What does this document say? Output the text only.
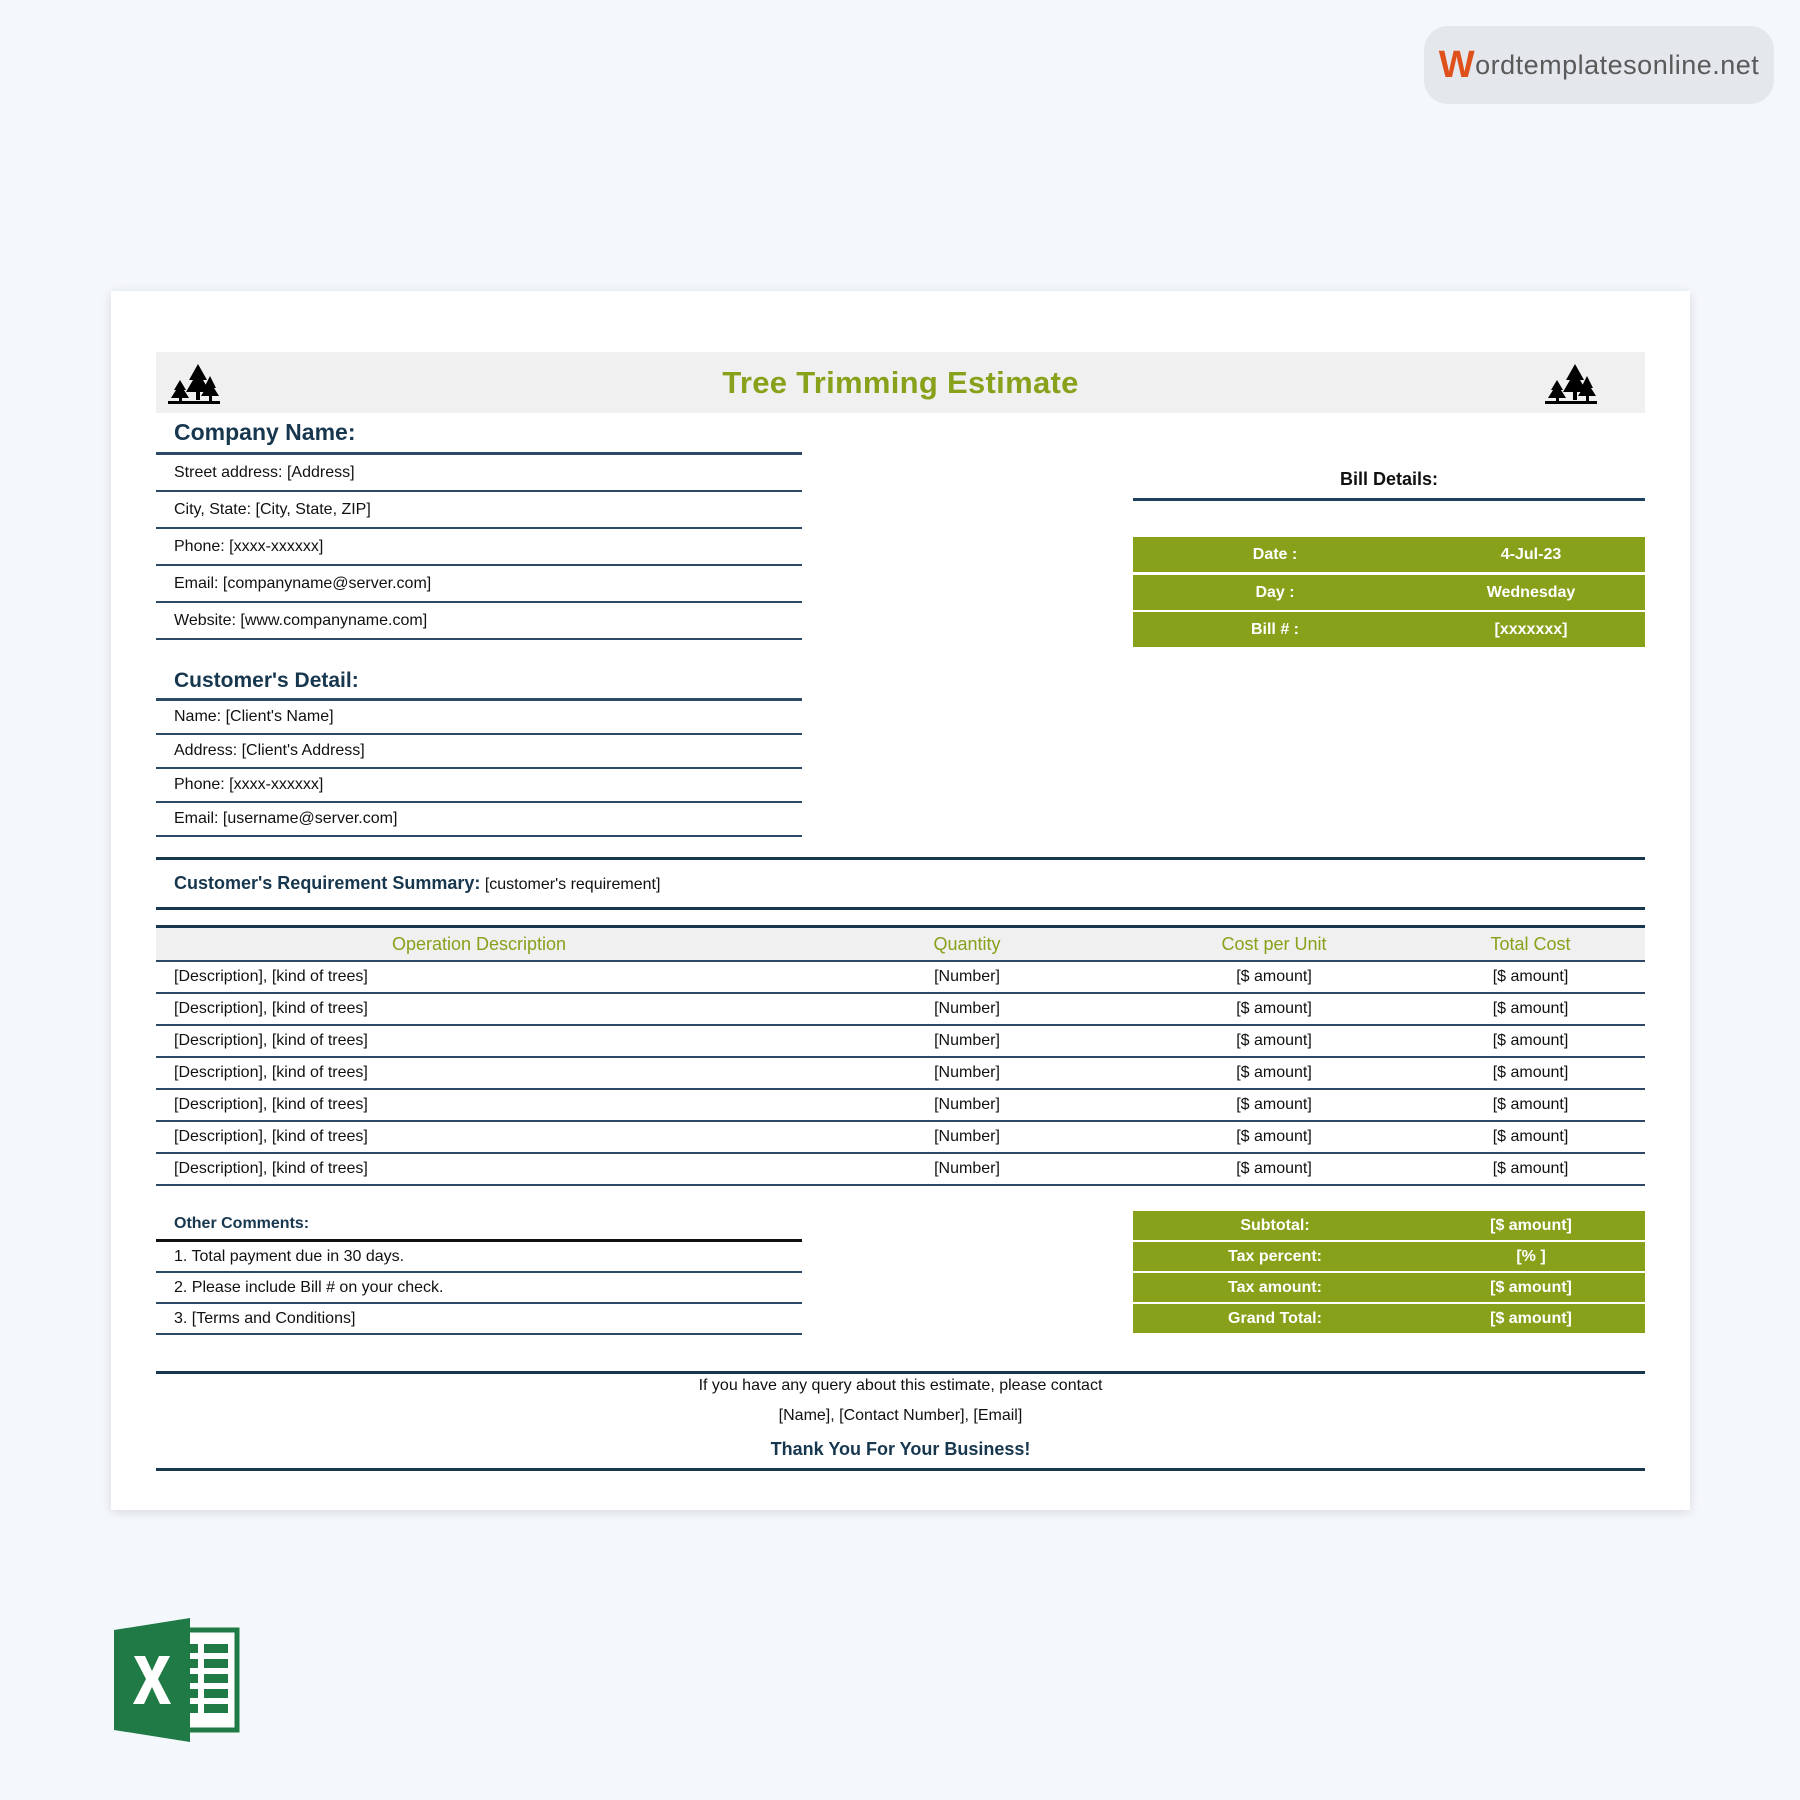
W ordtemplatesonline.net
Tree Trimming Estimate
Company Name:
Street address: [Address]
City, State: [City, State, ZIP]
Phone: [xxxx-xxxxxx]
Email: [companyname@server.com]
Website: [www.companyname.com]
Bill Details:
Date :	4-Jul-23
Day :	Wednesday
Bill # :	[xxxxxxx]
Customer's Detail:
Name: [Client's Name]
Address: [Client's Address]
Phone: [xxxx-xxxxxx]
Email: [username@server.com]
Customer's Requirement Summary: [customer's requirement]
Operation Description	Quantity	Cost per Unit	Total Cost
[Description], [kind of trees]	[Number]	[$ amount]	[$ amount]
[Description], [kind of trees]	[Number]	[$ amount]	[$ amount]
[Description], [kind of trees]	[Number]	[$ amount]	[$ amount]
[Description], [kind of trees]	[Number]	[$ amount]	[$ amount]
[Description], [kind of trees]	[Number]	[$ amount]	[$ amount]
[Description], [kind of trees]	[Number]	[$ amount]	[$ amount]
[Description], [kind of trees]	[Number]	[$ amount]	[$ amount]
Other Comments:
1. Total payment due in 30 days.
2. Please include Bill # on your check.
3. [Terms and Conditions]
Subtotal:	[$ amount]
Tax percent:	[% ]
Tax amount:	[$ amount]
Grand Total:	[$ amount]
If you have any query about this estimate, please contact
[Name], [Contact Number], [Email]
Thank You For Your Business!
